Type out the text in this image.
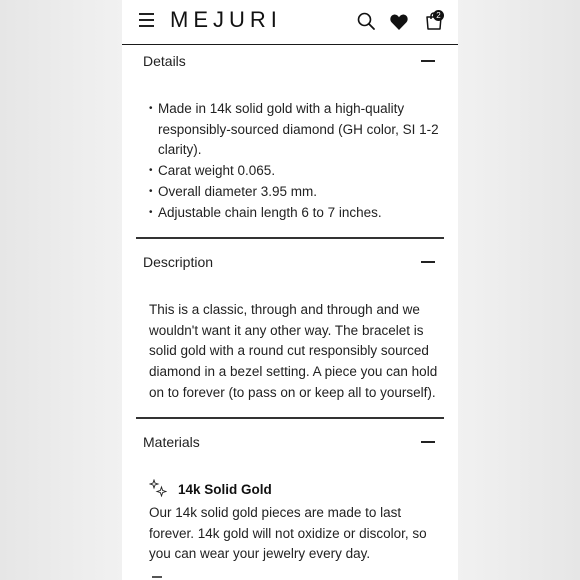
MEJURI	2
Details
• Made in 14k solid gold with a high-quality responsibly-sourced diamond (GH color, SI 1-2 clarity).
• Carat weight 0.065.
• Overall diameter 3.95 mm.
• Adjustable chain length 6 to 7 inches.
Description

This is a classic, through and through and we wouldn't want it any other way. The bracelet is solid gold with a round cut responsibly sourced diamond in a bezel setting. A piece you can hold on to forever (to pass on or keep all to yourself).

Materials
14k Solid Gold

Our 14k solid gold pieces are made to last forever. 14k gold will not oxidize or discolor, so you can wear your jewelry every day.
